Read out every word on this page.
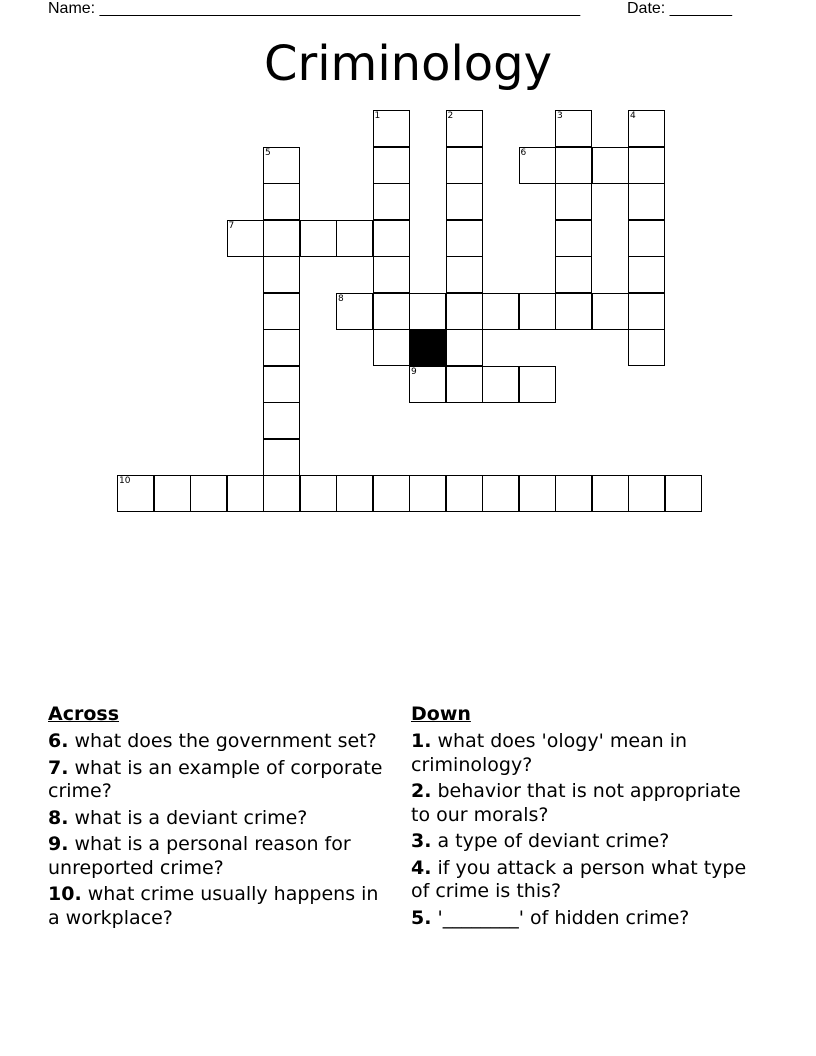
Name: ______________________________________________________	Date: _______
Criminology
1	2	3	4
5	6
7
8
9
10
Across
6. what does the government set?
7. what is an example of corporate crime?
8. what is a deviant crime?
9. what is a personal reason for unreported crime?
10. what crime usually happens in a workplace?
Down
1. what does 'ology' mean in criminology?
2. behavior that is not appropriate to our morals?
3. a type of deviant crime?
4. if you attack a person what type of crime is this?
5. '________' of hidden crime?
